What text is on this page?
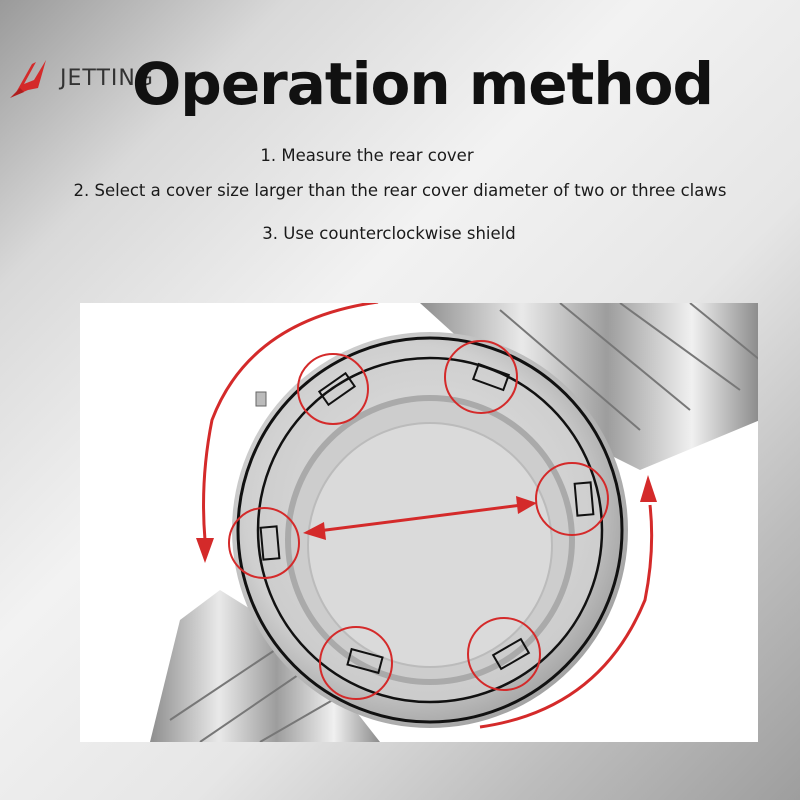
JETTING
Operation method

1. Measure the rear cover

2. Select a cover size larger than the rear cover diameter of two or three claws

3. Use counterclockwise shield
